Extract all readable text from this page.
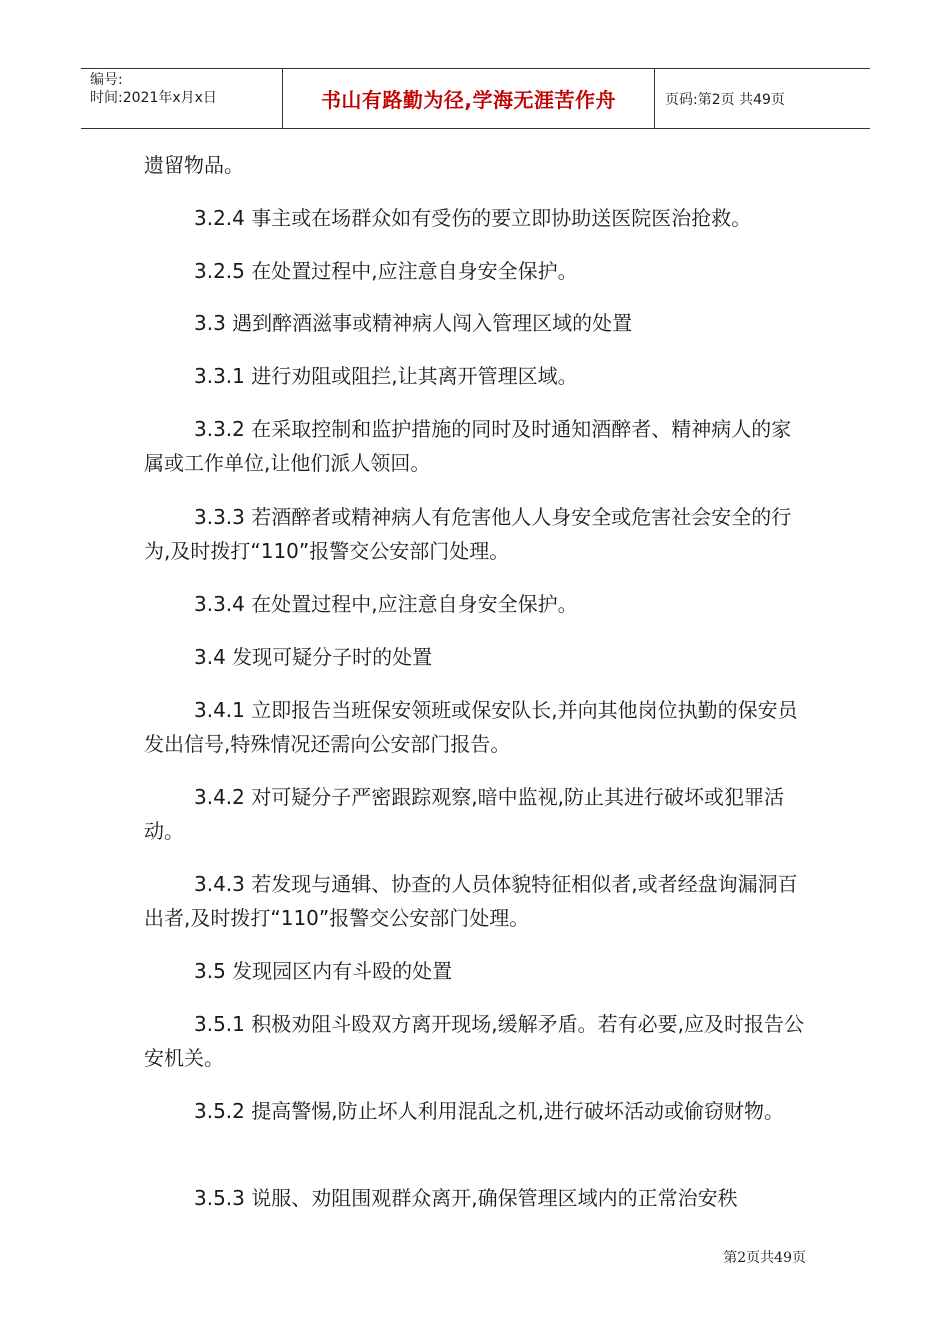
编号:
时间:2021年x月x日	书山有路勤为径,学海无涯苦作舟	页码:第2页 共49页

遗留物品。

3.2.4 事主或在场群众如有受伤的要立即协助送医院医治抢救。

3.2.5 在处置过程中,应注意自身安全保护。

3.3 遇到醉酒滋事或精神病人闯入管理区域的处置

3.3.1 进行劝阻或阻拦,让其离开管理区域。

3.3.2 在采取控制和监护措施的同时及时通知酒醉者、精神病人的家属或工作单位,让他们派人领回。

3.3.3 若酒醉者或精神病人有危害他人人身安全或危害社会安全的行为,及时拨打“110”报警交公安部门处理。

3.3.4 在处置过程中,应注意自身安全保护。

3.4 发现可疑分子时的处置

3.4.1 立即报告当班保安领班或保安队长,并向其他岗位执勤的保安员发出信号,特殊情况还需向公安部门报告。

3.4.2 对可疑分子严密跟踪观察,暗中监视,防止其进行破坏或犯罪活动。

3.4.3 若发现与通辑、协查的人员体貌特征相似者,或者经盘询漏洞百出者,及时拨打“110”报警交公安部门处理。

3.5 发现园区内有斗殴的处置

3.5.1 积极劝阻斗殴双方离开现场,缓解矛盾。若有必要,应及时报告公安机关。

3.5.2 提高警惕,防止坏人利用混乱之机,进行破坏活动或偷窃财物。

3.5.3 说服、劝阻围观群众离开,确保管理区域内的正常治安秩

第2页共49页
